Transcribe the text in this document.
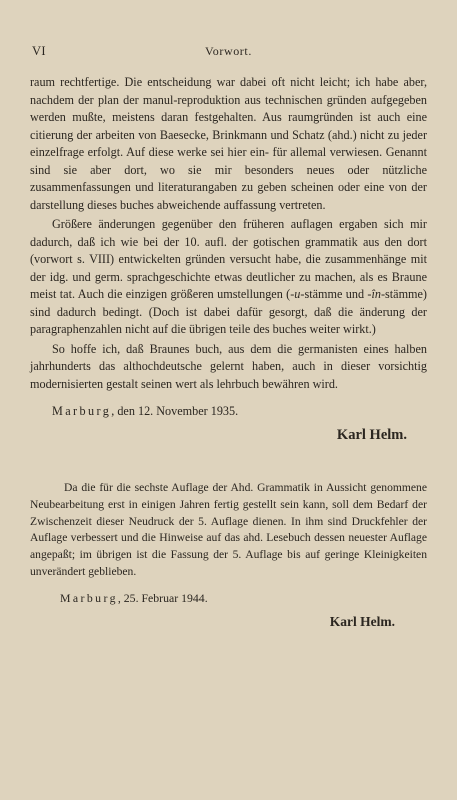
VI	Vorwort.

raum rechtfertige. Die entscheidung war dabei oft nicht leicht; ich habe aber, nachdem der plan der manul-reproduktion aus technischen gründen aufgegeben werden mußte, meistens daran festgehalten. Aus raumgründen ist auch eine citierung der arbeiten von Baesecke, Brinkmann und Schatz (ahd.) nicht zu jeder einzelfrage erfolgt. Auf diese werke sei hier ein- für allemal verwiesen. Genannt sind sie aber dort, wo sie mir besonders neues oder nützliche zusammenfassungen und literaturangaben zu geben scheinen oder eine von der darstellung dieses buches abweichende auffassung vertreten.

Größere änderungen gegenüber den früheren auflagen ergaben sich mir dadurch, daß ich wie bei der 10. aufl. der gotischen grammatik aus den dort (vorwort s. VIII) entwickelten gründen versucht habe, die zusammenhänge mit der idg. und germ. sprachgeschichte etwas deutlicher zu machen, als es Braune meist tat. Auch die einzigen größeren umstellungen (-u-stämme und -în-stämme) sind dadurch bedingt. (Doch ist dabei dafür gesorgt, daß die änderung der paragraphenzahlen nicht auf die übrigen teile des buches weiter wirkt.)

So hoffe ich, daß Braunes buch, aus dem die germanisten eines halben jahrhunderts das althochdeutsche gelernt haben, auch in dieser vorsichtig modernisierten gestalt seinen wert als lehrbuch bewähren wird.

Marburg, den 12. November 1935.
Karl Helm.

Da die für die sechste Auflage der Ahd. Grammatik in Aussicht genommene Neubearbeitung erst in einigen Jahren fertig gestellt sein kann, soll dem Bedarf der Zwischenzeit dieser Neudruck der 5. Auflage dienen. In ihm sind Druckfehler der Auflage verbessert und die Hinweise auf das ahd. Lesebuch dessen neuester Auflage angepaßt; im übrigen ist die Fassung der 5. Auflage bis auf geringe Kleinigkeiten unverändert geblieben.

Marburg, 25. Februar 1944.
Karl Helm.
